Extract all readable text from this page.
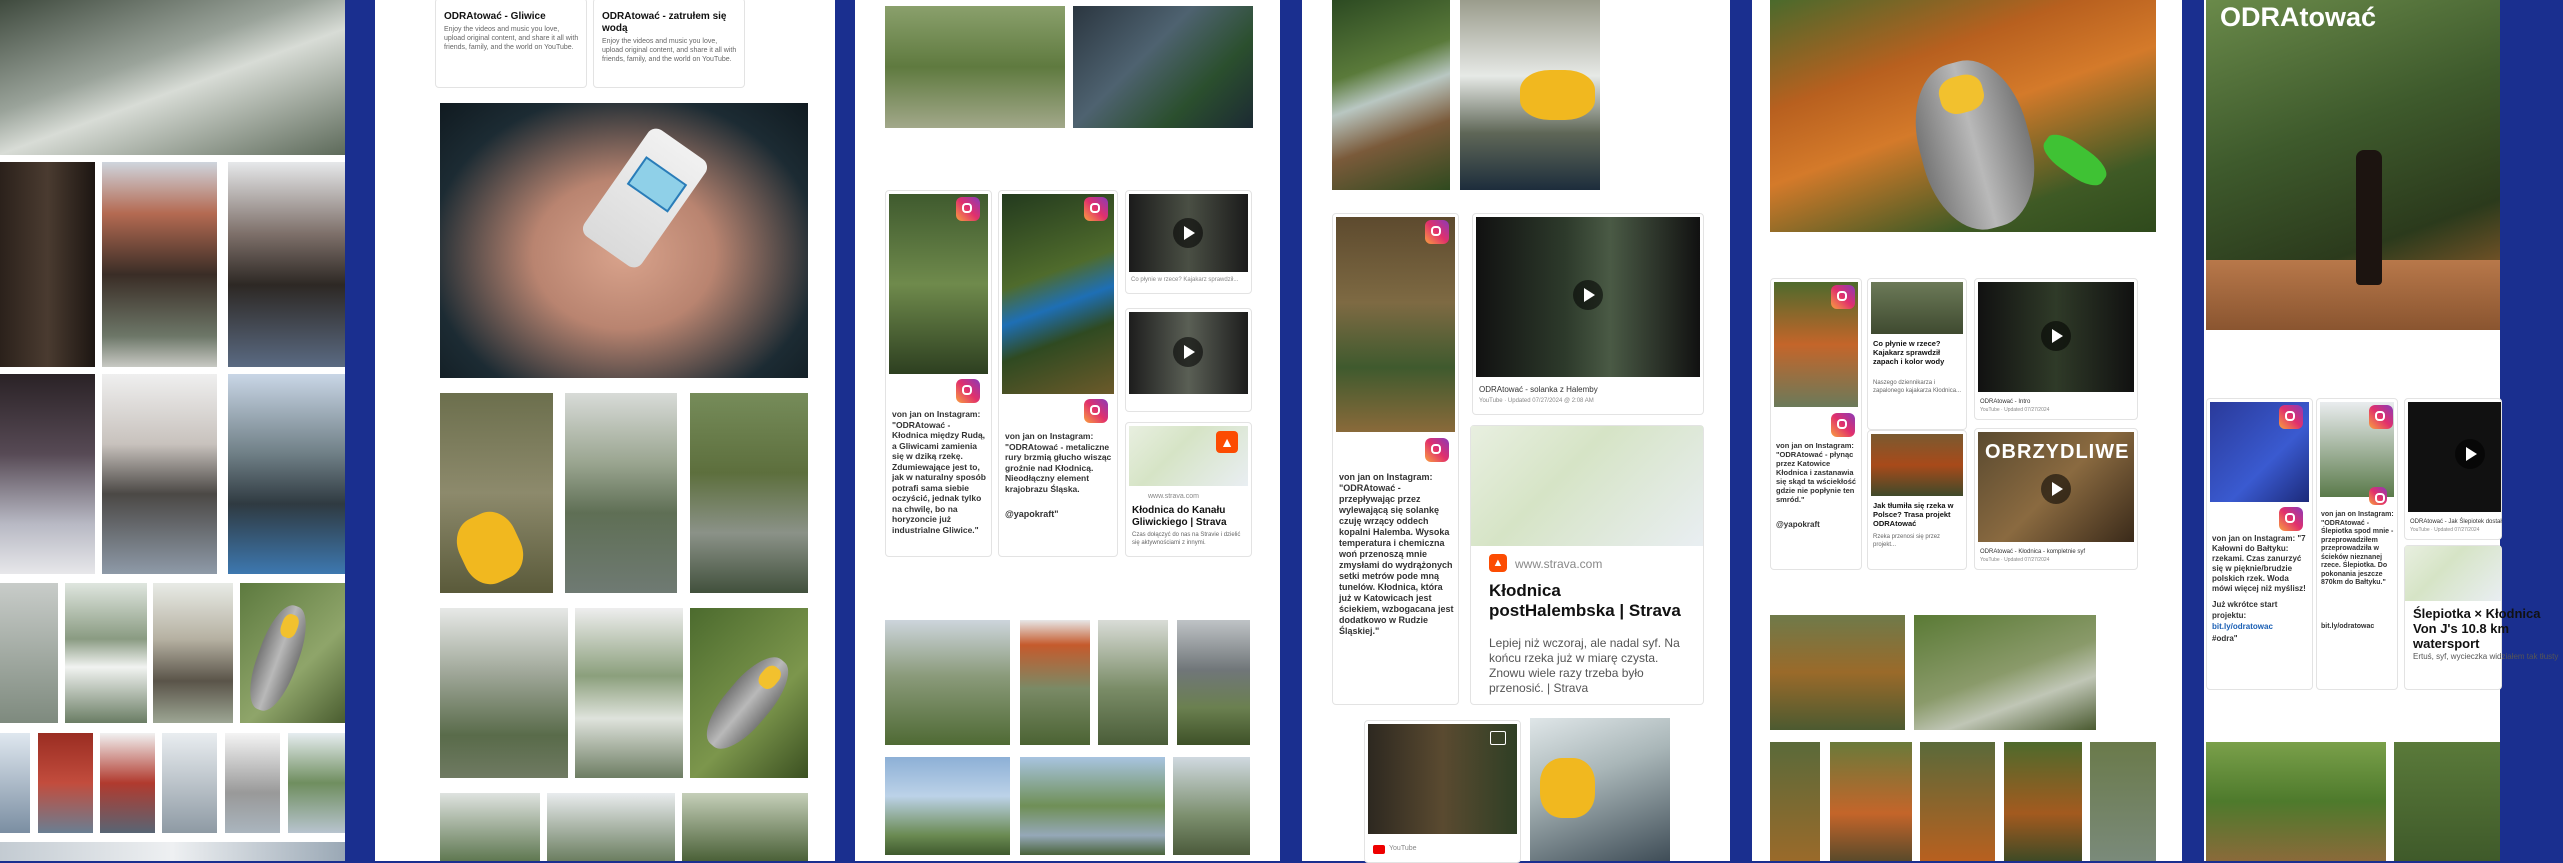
ODRAtować - Gliwice
Enjoy the videos and music you love, upload original content, and share it all with friends, family, and the world on YouTube.
ODRAtować - zatrułem się wodą
Enjoy the videos and music you love, upload original content, and share it all with friends, family, and the world on YouTube.
von jan on Instagram: "ODRAtować - Kłodnica między Rudą, a Gliwicami zamienia się w dziką rzekę. Zdumiewające jest to, jak w naturalny sposób potrafi sama siebie oczyścić, jednak tylko na chwilę, bo na horyzoncie już industrialne Gliwice."
von jan on Instagram: "ODRAtować - metaliczne rury brzmią głucho wisząc groźnie nad Kłodnicą. Nieodłączny element krajobrazu Śląska.
@yapokraft"
Co płynie w rzece? Kajakarz sprawdził...
▲
www.strava.com
Kłodnica do Kanału Gliwickiego | Strava
Czas dołączyć do nas na Stravie i dzielić się aktywnościami z innymi.
von jan on Instagram: "ODRAtować - przepływając przez wylewającą się solankę czuję wrzący oddech kopalni Halemba. Wysoka temperatura i chemiczna woń przenoszą mnie zmysłami do wydrążonych setki metrów pode mną tunelów. Kłodnica, która już w Katowicach jest ściekiem, wzbogacana jest dodatkowo w Rudzie Śląskiej."
ODRAtować - solanka z Halemby
YouTube · Updated 07/27/2024 @ 2:08 AM
▲ www.strava.com
Kłodnica postHalembska | Strava
Lepiej niż wczoraj, ale nadal syf. Na końcu rzeka już w miarę czysta. Znowu wiele razy trzeba było przenosić. | Strava
YouTube
von jan on Instagram: "ODRAtować - płynąc przez Katowice Kłodnica i zastanawia się skąd ta wściekłość gdzie nie popłynie ten smród."
@yapokraft
Co płynie w rzece? Kajakarz sprawdził zapach i kolor wody
Naszego dziennikarza i zapalonego kajakarza Kłodnica...
Jak tłumiła się rzeka w Polsce? Trasa projekt ODRAtować
Rzeka przenosi się przez projekt...
ODRAtować - Intro
YouTube · Updated 07/27/2024
OBRZYDLIWE
ODRAtować - Kłodnica - kompletnie syf
YouTube · Updated 07/27/2024
ODRAtować
von jan on Instagram: "7 Kałowni do Bałtyku: rzekami. Czas zanurzyć się w pięknie/brudzie polskich rzek. Woda mówi więcej niż myślisz!
Już wkrótce start projektu:
bit.ly/odratowac
#odra"
von jan on Instagram: "ODRAtować - Ślepiotka spod mnie - przeprowadziłem przeprowadziła w ścieków nieznanej rzece. Ślepiotka. Do pokonania jeszcze 870km do Bałtyku."
bit.ly/odratowac
ODRAtować - Jak Ślepiotek dostał
YouTube · Updated 07/27/2024
Ślepiotka × Kłodnica Von J's 10.8 km watersport
Ertuś, syf, wycieczka widziałem tak tłusty
